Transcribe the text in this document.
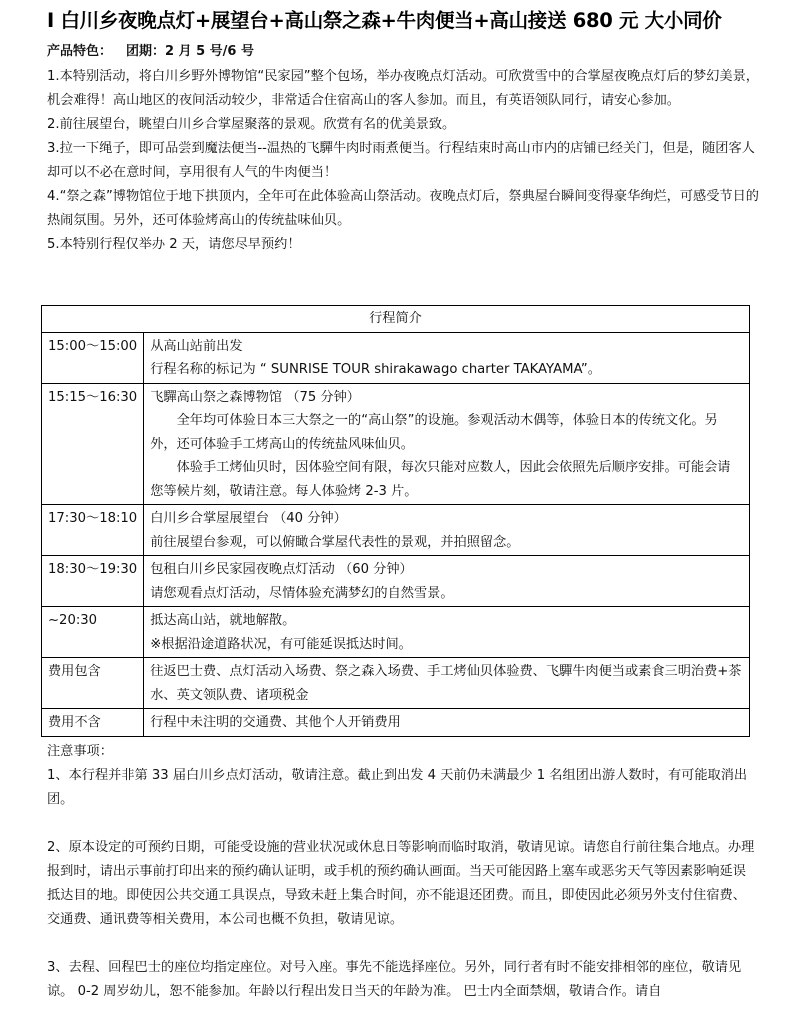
I 白川乡夜晚点灯+展望台+高山祭之森+牛肉便当+高山接送 680 元 大小同价
产品特色： 团期：2 月 5 号/6 号

1.本特别活动，将白川乡野外博物馆“民家园”整个包场，举办夜晚点灯活动。可欣赏雪中的合掌屋夜晚点灯后的梦幻美景，机会难得！高山地区的夜间活动较少，非常适合住宿高山的客人参加。而且，有英语领队同行，请安心参加。

2.前往展望台，眺望白川乡合掌屋聚落的景观。欣赏有名的优美景致。

3.拉一下绳子，即可品尝到魔法便当--温热的飞驒牛肉时雨煮便当。行程结束时高山市内的店铺已经关门，但是，随团客人却可以不必在意时间，享用很有人气的牛肉便当！

4.“祭之森”博物馆位于地下拱顶内，全年可在此体验高山祭活动。夜晚点灯后，祭典屋台瞬间变得豪华绚烂，可感受节日的热闹氛围。另外，还可体验烤高山的传统盐味仙贝。

5.本特别行程仅举办 2 天，请您尽早预约！

行程简介	
15:00～15:00	从高山站前出发
行程名称的标记为 “ SUNRISE TOUR shirakawago charter TAKAYAMA”。

15:15～16:30	飞驒高山祭之森博物馆 （75 分钟）
全年均可体验日本三大祭之一的“高山祭”的设施。参观活动木偶等，体验日本的传统文化。另外，还可体验手工烤高山的传统盐风味仙贝。
体验手工烤仙贝时，因体验空间有限，每次只能对应数人，因此会依照先后顺序安排。可能会请您等候片刻，敬请注意。每人体验烤 2-3 片。

17:30～18:10	白川乡合掌屋展望台 （40 分钟）
前往展望台参观，可以俯瞰合掌屋代表性的景观，并拍照留念。

18:30～19:30	包租白川乡民家园夜晚点灯活动 （60 分钟）
请您观看点灯活动，尽情体验充满梦幻的自然雪景。

~20:30	抵达高山站，就地解散。
※根据沿途道路状况，有可能延误抵达时间。

费用包含	往返巴士费、点灯活动入场费、祭之森入场费、手工烤仙贝体验费、飞驒牛肉便当或素食三明治费+茶水、英文领队费、诸项税金

费用不含	行程中未注明的交通费、其他个人开销费用

注意事项：

1、本行程并非第 33 届白川乡点灯活动，敬请注意。截止到出发 4 天前仍未满最少 1 名组团出游人数时，有可能取消出团。

2、原本设定的可预约日期，可能受设施的营业状况或休息日等影响而临时取消，敬请见谅。请您自行前往集合地点。办理报到时，请出示事前打印出来的预约确认证明，或手机的预约确认画面。当天可能因路上塞车或恶劣天气等因素影响延误抵达目的地。即使因公共交通工具误点，导致未赶上集合时间，亦不能退还团费。而且，即使因此必须另外支付住宿费、交通费、通讯费等相关费用，本公司也概不负担，敬请见谅。

3、去程、回程巴士的座位均指定座位。对号入座。事先不能选择座位。另外，同行者有时不能安排相邻的座位，敬请见谅。 0-2 周岁幼儿，恕不能参加。年龄以行程出发日当天的年龄为准。 巴士内全面禁烟，敬请合作。请自
